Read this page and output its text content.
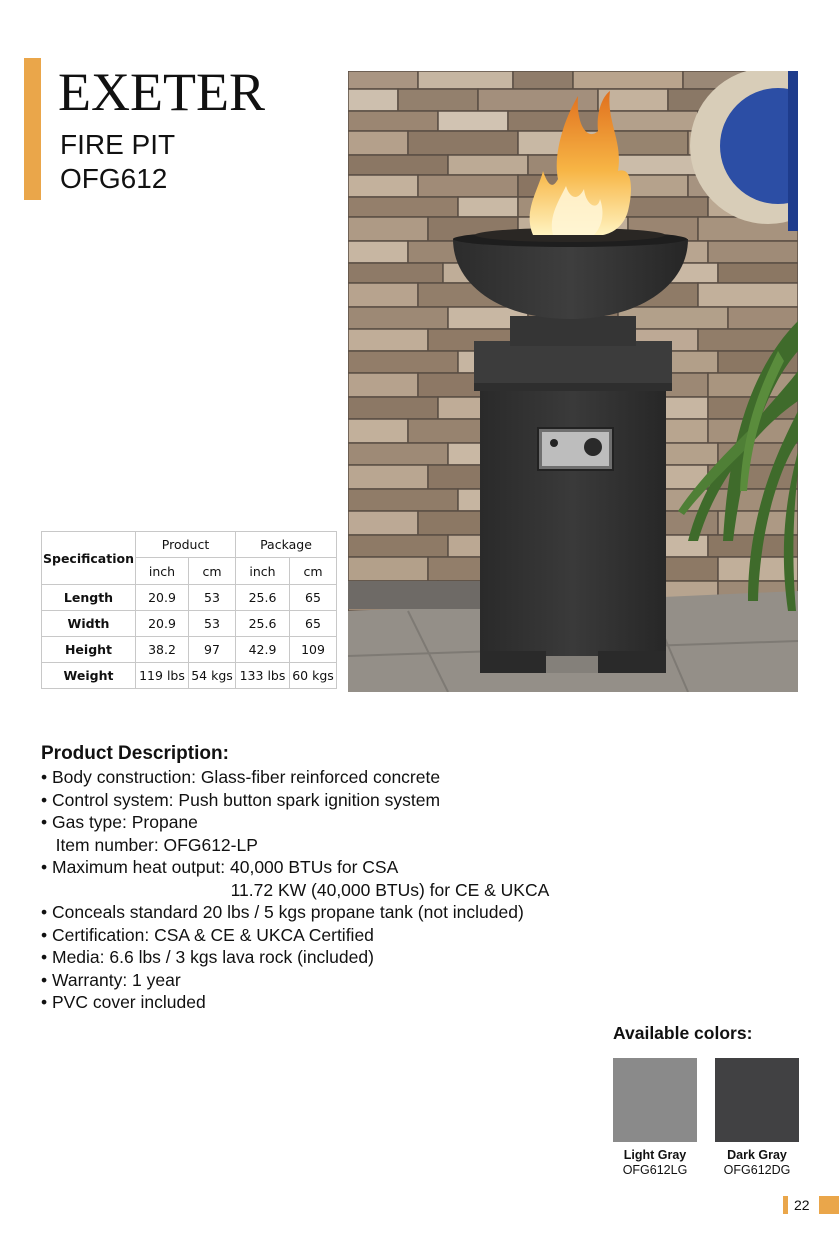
EXETER
FIRE PIT
OFG612
Specification	Product		Package	
	inch	cm	inch	cm
Length	20.9	53	25.6	65
Width	20.9	53	25.6	65
Height	38.2	97	42.9	109
Weight	119 lbs	54 kgs	133 lbs	60 kgs
Product Description:
• Body construction: Glass-fiber reinforced concrete
• Control system: Push button spark ignition system
• Gas type: Propane
Item number: OFG612-LP
• Maximum heat output: 40,000 BTUs for CSA
11.72 KW (40,000 BTUs) for CE & UKCA
• Conceals standard 20 lbs / 5 kgs propane tank (not included)
• Certification: CSA & CE & UKCA Certified
• Media: 6.6 lbs / 3 kgs lava rock (included)
• Warranty: 1 year
• PVC cover included
Available colors:
Light Gray
OFG612LG
Dark Gray
OFG612DG
22
